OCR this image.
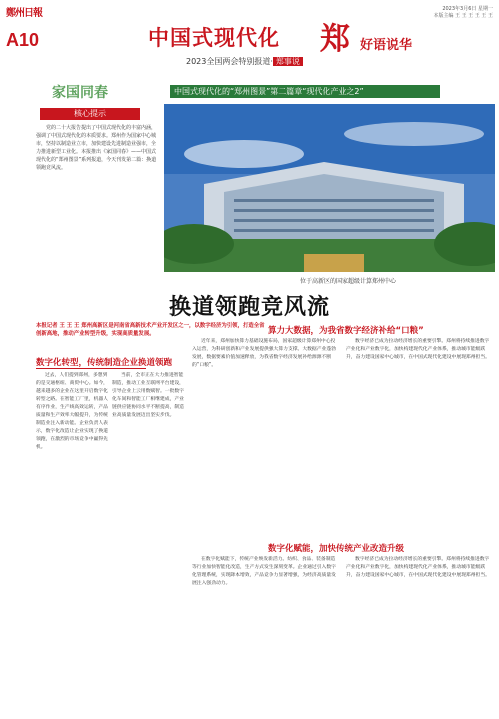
鄭州日報
A10
2023年3月6日 星期一
本版主编 王 王 王 王 王 王
中国式现代化 郑 好语说华
2023全国两会特别报道· 郑事说
家国同春	中国式现代化的“郑州图景”第二篇章“现代化产业之2”
核心提示
党的二十大报告提出了中国式现代化的丰富内涵，强调了中国式现代化的本质要求。郑州作为国家中心城市，坚持以制造业立市，加快建设先进制造业强市，全力推进新型工业化。本报推出《家国同春》——中国式现代化的“郑州图景”系列报道，今天刊发第二篇：换道领跑竞风流。
位于高新区的国家超级计算郑州中心
换道领跑竞风流
本报记者 王 王 王 郑州高新区是河南省高新技术产业开发区之一，以数字经济为引领，打造全省创新高地，推动产业转型升级，实现高质量发展。
数字化转型，传统制造企业换道领跑
过去，人们提到郑州，多想到的是交通枢纽、商贸中心。如今，越来越多的企业在这里开启数字化转型之路。在智能工厂里，机器人有序作业，生产线高效运转，产品质量和生产效率大幅提升，为传统制造业注入新动能。企业负责人表示，数字化改造让企业实现了换道领跑，在激烈的市场竞争中赢得先机。
当前，全市正在大力推进智能制造，推动工业互联网平台建设，引导企业上云用数赋智。一批数字化车间和智能工厂相继建成，产业链供应链协同水平不断提高，制造业高质量发展迈出坚实步伐。
算力大数据，为我省数字经济补给“口粮”
近年来，郑州加快算力基础设施布局，国家超级计算郑州中心投入运营，为科研创新和产业发展提供强大算力支撑。大数据产业蓬勃发展，数据要素价值加速释放，为我省数字经济发展补给源源不断的“口粮”。
数字经济已成为拉动经济增长的重要引擎。郑州将持续推进数字产业化和产业数字化，加快构建现代化产业体系，推动城市能级跃升，奋力建设国家中心城市，在中国式现代化建设中展现郑州担当。
数字化赋能，加快传统产业改造升级
在数字化赋能下，传统产业焕发新活力。纺织、食品、装备制造等行业加快智能化改造，生产方式发生深刻变革。企业通过引入数字化管理系统，实现降本增效，产品竞争力显著增强，为经济高质量发展注入强劲动力。
数字经济已成为拉动经济增长的重要引擎。郑州将持续推进数字产业化和产业数字化，加快构建现代化产业体系，推动城市能级跃升，奋力建设国家中心城市，在中国式现代化建设中展现郑州担当。
